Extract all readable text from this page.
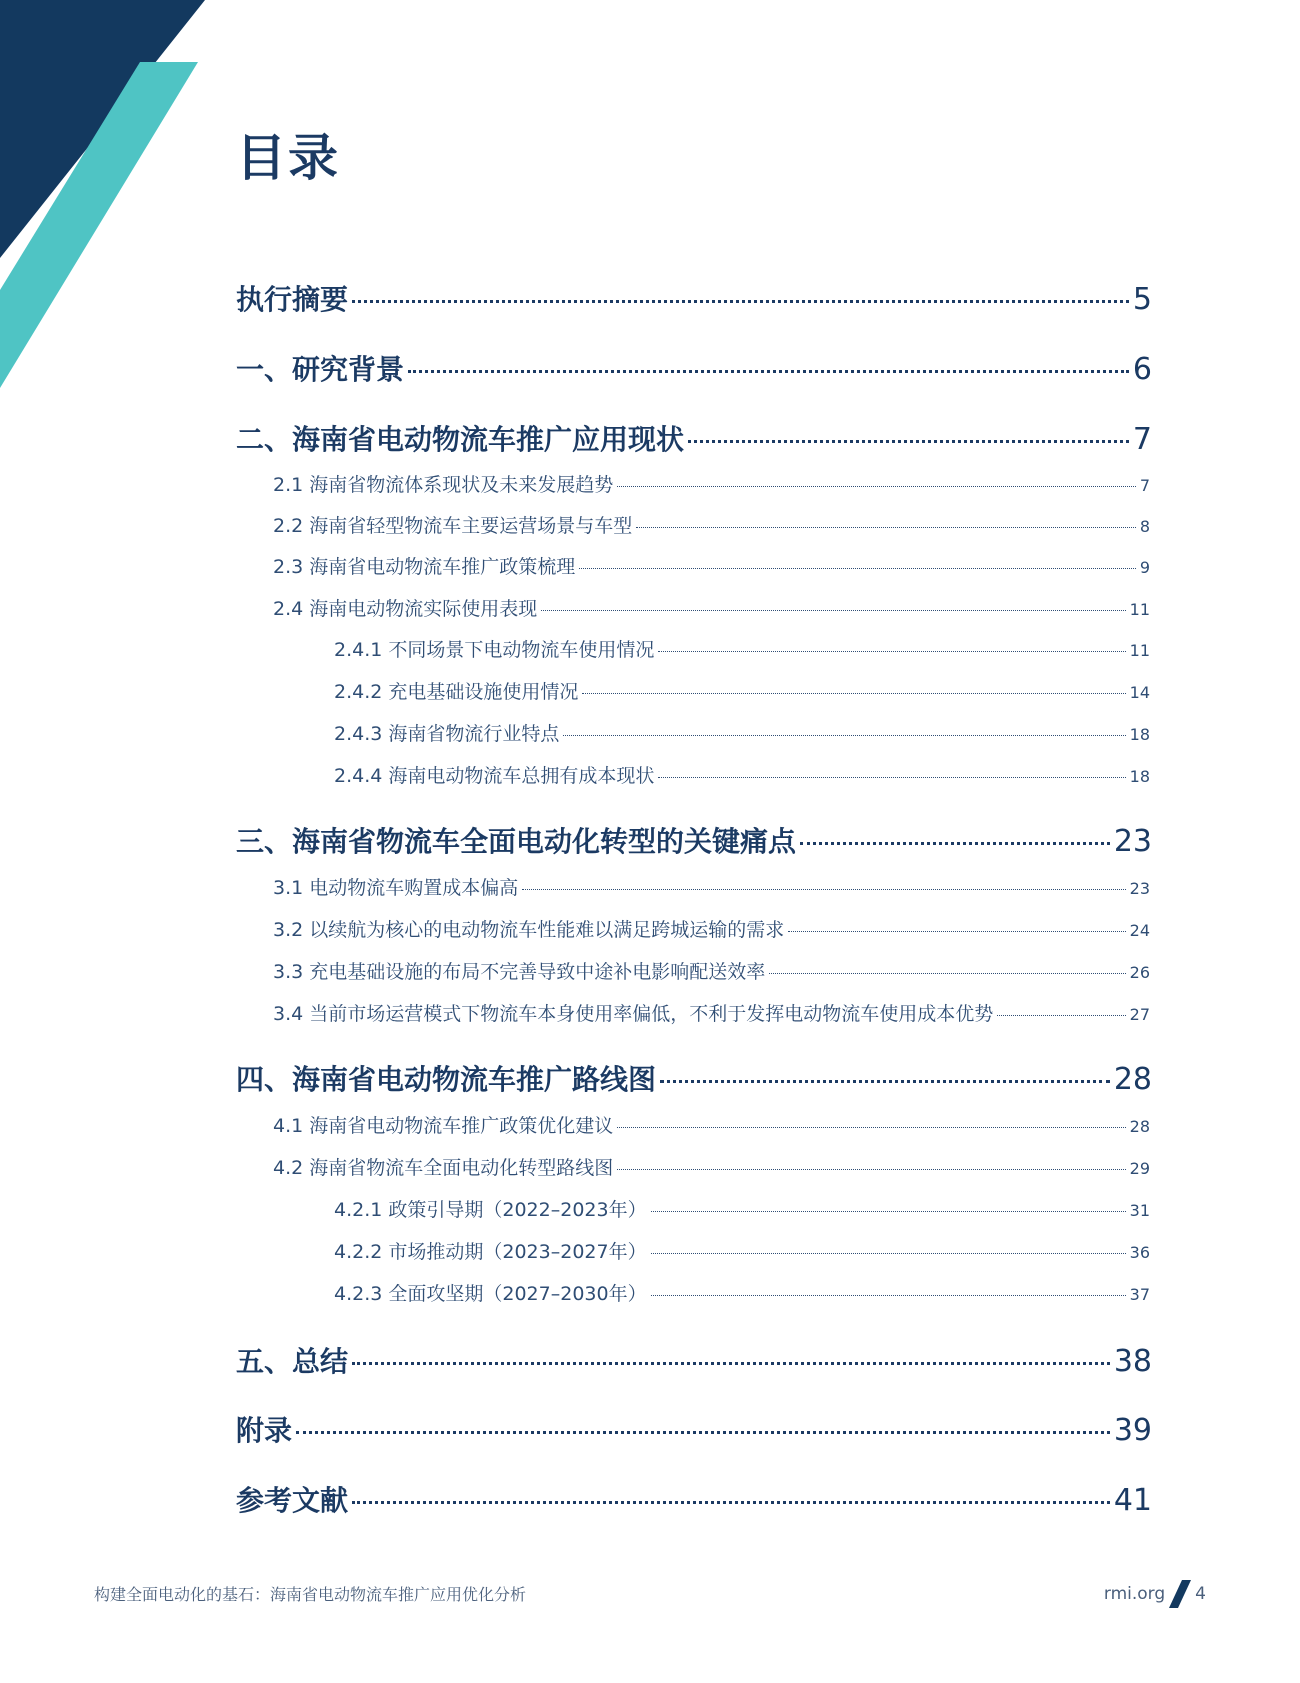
目录
执行摘要	5
一、研究背景	6
二、海南省电动物流车推广应用现状	7
2.1 海南省物流体系现状及未来发展趋势	7
2.2 海南省轻型物流车主要运营场景与车型	8
2.3 海南省电动物流车推广政策梳理	9
2.4 海南电动物流实际使用表现	11
2.4.1 不同场景下电动物流车使用情况	11
2.4.2 充电基础设施使用情况	14
2.4.3 海南省物流行业特点	18
2.4.4 海南电动物流车总拥有成本现状	18
三、海南省物流车全面电动化转型的关键痛点	23
3.1 电动物流车购置成本偏高	23
3.2 以续航为核心的电动物流车性能难以满足跨城运输的需求	24
3.3 充电基础设施的布局不完善导致中途补电影响配送效率	26
3.4 当前市场运营模式下物流车本身使用率偏低，不利于发挥电动物流车使用成本优势	27
四、海南省电动物流车推广路线图	28
4.1 海南省电动物流车推广政策优化建议	28
4.2 海南省物流车全面电动化转型路线图	29
4.2.1 政策引导期（2022–2023年）	31
4.2.2 市场推动期（2023–2027年）	36
4.2.3 全面攻坚期（2027–2030年）	37
五、总结	38
附录	39
参考文献	41
构建全面电动化的基石：海南省电动物流车推广应用优化分析	rmi.org 4
